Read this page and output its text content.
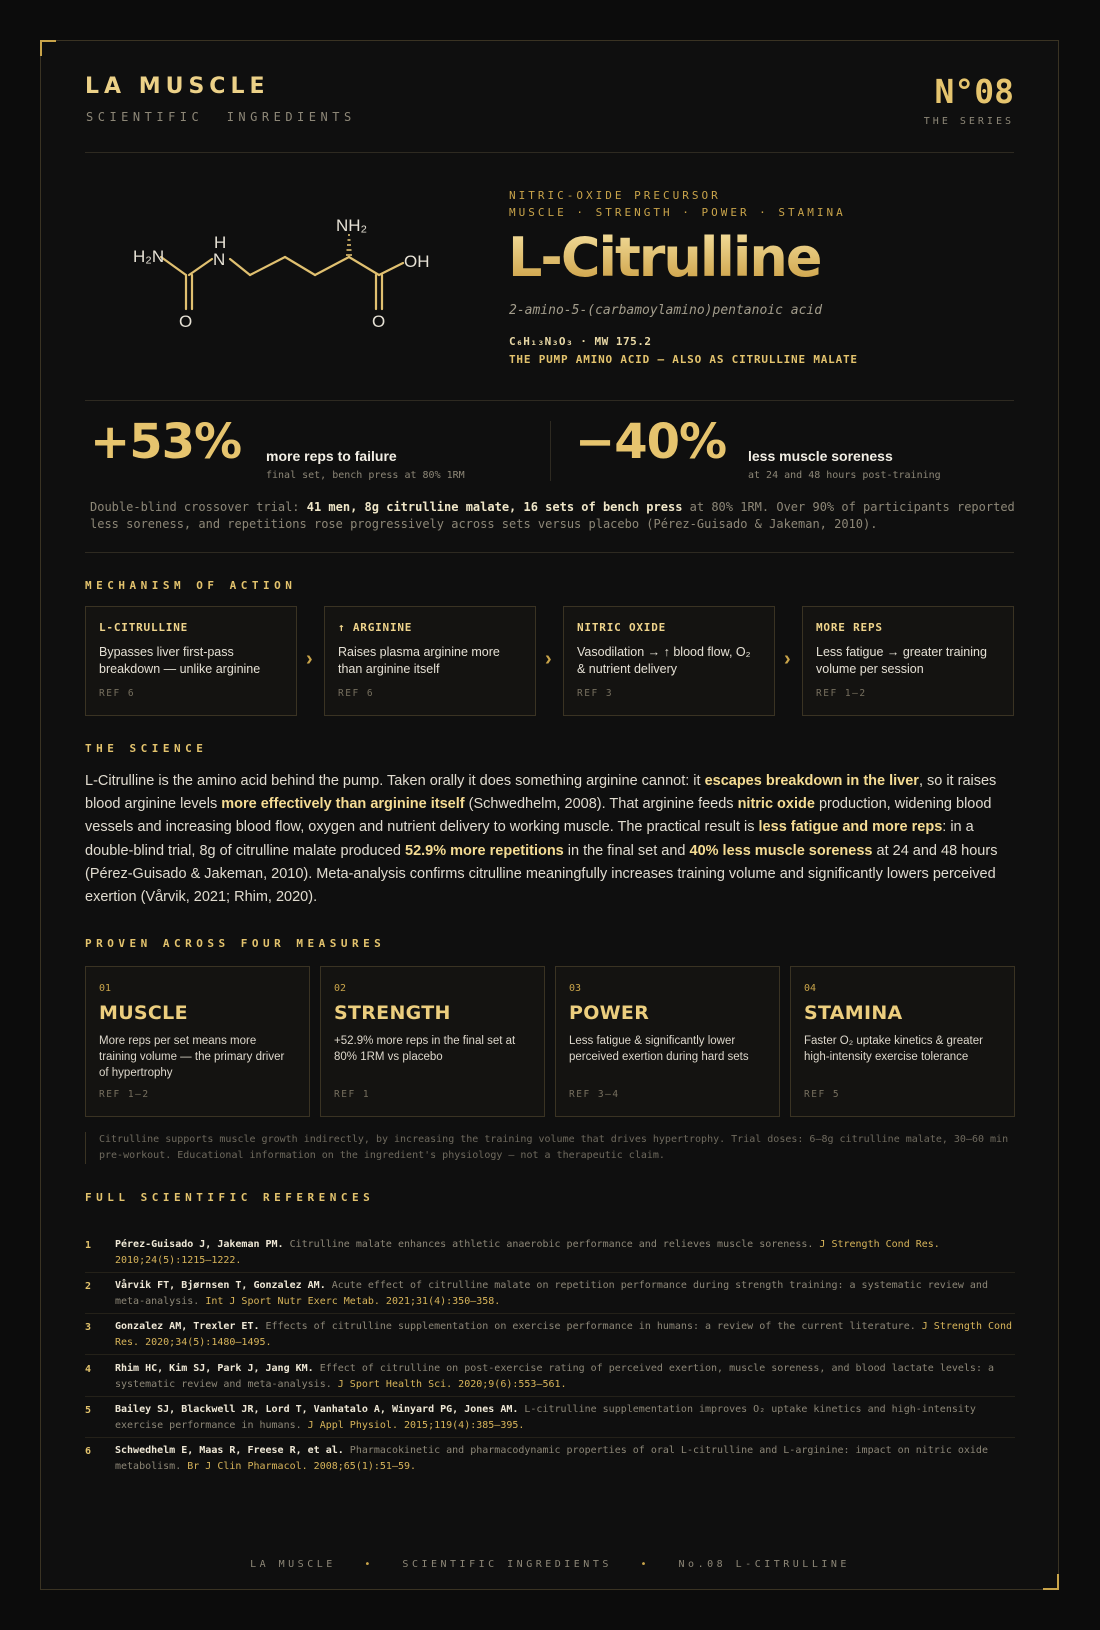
LA MUSCLE
SCIENTIFIC  INGREDIENTS
N°08
THE SERIES
H₂N
H
N
O
NH₂
OH
O
NITRIC-OXIDE PRECURSOR
MUSCLE · STRENGTH · POWER · STAMINA
L-Citrulline
2-amino-5-(carbamoylamino)pentanoic acid
C₆H₁₃N₃O₃ · MW 175.2
THE PUMP AMINO ACID — ALSO AS CITRULLINE MALATE
+53% more reps to failure
final set, bench press at 80% 1RM
−40% less muscle soreness
at 24 and 48 hours post-training
Double-blind crossover trial: 41 men, 8g citrulline malate, 16 sets of bench press at 80% 1RM. Over 90% of participants reported less soreness, and repetitions rose progressively across sets versus placebo (Pérez-Guisado & Jakeman, 2010).
MECHANISM OF ACTION
L-CITRULLINE
Bypasses liver first-pass breakdown — unlike arginine
REF 6
›
↑ ARGININE
Raises plasma arginine more than arginine itself
REF 6
›
NITRIC OXIDE
Vasodilation → ↑ blood flow, O₂ & nutrient delivery
REF 3
›
MORE REPS
Less fatigue → greater training volume per session
REF 1–2
THE SCIENCE
L-Citrulline is the amino acid behind the pump. Taken orally it does something arginine cannot: it escapes breakdown in the liver, so it raises blood arginine levels more effectively than arginine itself (Schwedhelm, 2008). That arginine feeds nitric oxide production, widening blood vessels and increasing blood flow, oxygen and nutrient delivery to working muscle. The practical result is less fatigue and more reps: in a double-blind trial, 8g of citrulline malate produced 52.9% more repetitions in the final set and 40% less muscle soreness at 24 and 48 hours (Pérez-Guisado & Jakeman, 2010). Meta-analysis confirms citrulline meaningfully increases training volume and significantly lowers perceived exertion (Vårvik, 2021; Rhim, 2020).
PROVEN ACROSS FOUR MEASURES
01
MUSCLE
More reps per set means more training volume — the primary driver of hypertrophy
REF 1–2
02
STRENGTH
+52.9% more reps in the final set at 80% 1RM vs placebo
REF 1
03
POWER
Less fatigue & significantly lower perceived exertion during hard sets
REF 3–4
04
STAMINA
Faster O₂ uptake kinetics & greater high-intensity exercise tolerance
REF 5
Citrulline supports muscle growth indirectly, by increasing the training volume that drives hypertrophy. Trial doses: 6–8g citrulline malate, 30–60 min pre-workout. Educational information on the ingredient's physiology — not a therapeutic claim.
FULL SCIENTIFIC REFERENCES
1 Pérez-Guisado J, Jakeman PM. Citrulline malate enhances athletic anaerobic performance and relieves muscle soreness. J Strength Cond Res. 2010;24(5):1215–1222.
2 Vårvik FT, Bjørnsen T, Gonzalez AM. Acute effect of citrulline malate on repetition performance during strength training: a systematic review and meta-analysis. Int J Sport Nutr Exerc Metab. 2021;31(4):350–358.
3 Gonzalez AM, Trexler ET. Effects of citrulline supplementation on exercise performance in humans: a review of the current literature. J Strength Cond Res. 2020;34(5):1480–1495.
4 Rhim HC, Kim SJ, Park J, Jang KM. Effect of citrulline on post-exercise rating of perceived exertion, muscle soreness, and blood lactate levels: a systematic review and meta-analysis. J Sport Health Sci. 2020;9(6):553–561.
5 Bailey SJ, Blackwell JR, Lord T, Vanhatalo A, Winyard PG, Jones AM. L-citrulline supplementation improves O₂ uptake kinetics and high-intensity exercise performance in humans. J Appl Physiol. 2015;119(4):385–395.
6 Schwedhelm E, Maas R, Freese R, et al. Pharmacokinetic and pharmacodynamic properties of oral L-citrulline and L-arginine: impact on nitric oxide metabolism. Br J Clin Pharmacol. 2008;65(1):51–59.
LA MUSCLE	•	SCIENTIFIC INGREDIENTS	•	No.08 L-CITRULLINE
